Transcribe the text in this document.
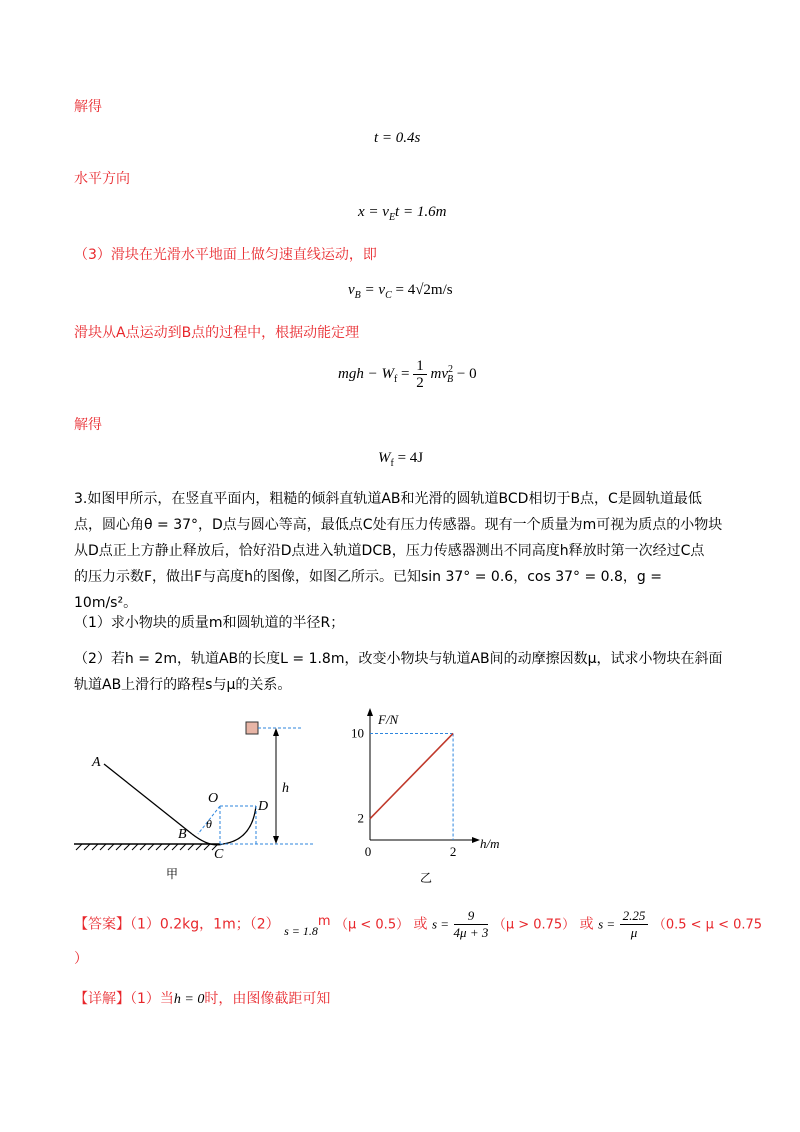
解得
t = 0.4s
水平方向
$x = v_Et = 1.6m$
（3）滑块在光滑水平地面上做匀速直线运动，即
$v_B = v_C = 4√2m/s$
滑块从A点运动到B点的过程中，根据动能定理
mgh − $W_f = \frac{1}{2} mv^2_B - 0$
解得
$W_f = 4J$
3.如图甲所示，在竖直平面内，粗糙的倾斜直轨道AB和光滑的圆轨道BCD相切于B点，C是圆轨道最低
点，圆心角θ = 37°，D点与圆心等高，最低点C处有压力传感器。现有一个质量为m可视为质点的小物块
从D点正上方静止释放后，恰好沿D点进入轨道DCB，压力传感器测出不同高度h释放时第一次经过C点
的压力示数F，做出F与高度h的图像，如图乙所示。已知sin 37° = 0.6，cos 37° = 0.8，g = 10m/s²。
（1）求小物块的质量m和圆轨道的半径R；
（2）若h = 2m，轨道AB的长度L = 1.8m，改变小物块与轨道AB间的动摩擦因数μ，试求小物块在斜面
轨道AB上滑行的路程s与μ的关系。
A
O
D
θ
B
C
h
甲
F/N
h/m
2
10
0	2
乙
【答案】（1）0.2kg，1m；（2） s = 1.8m （μ < 0.5） 或 $s = \frac{9}{4\mu + 3} (\mu > 0.75)$ 或 $s = \frac{2.25}{\mu} (0.5 < \mu < 0.75$
）
【详解】（1）当h = 0时，由图像截距可知
